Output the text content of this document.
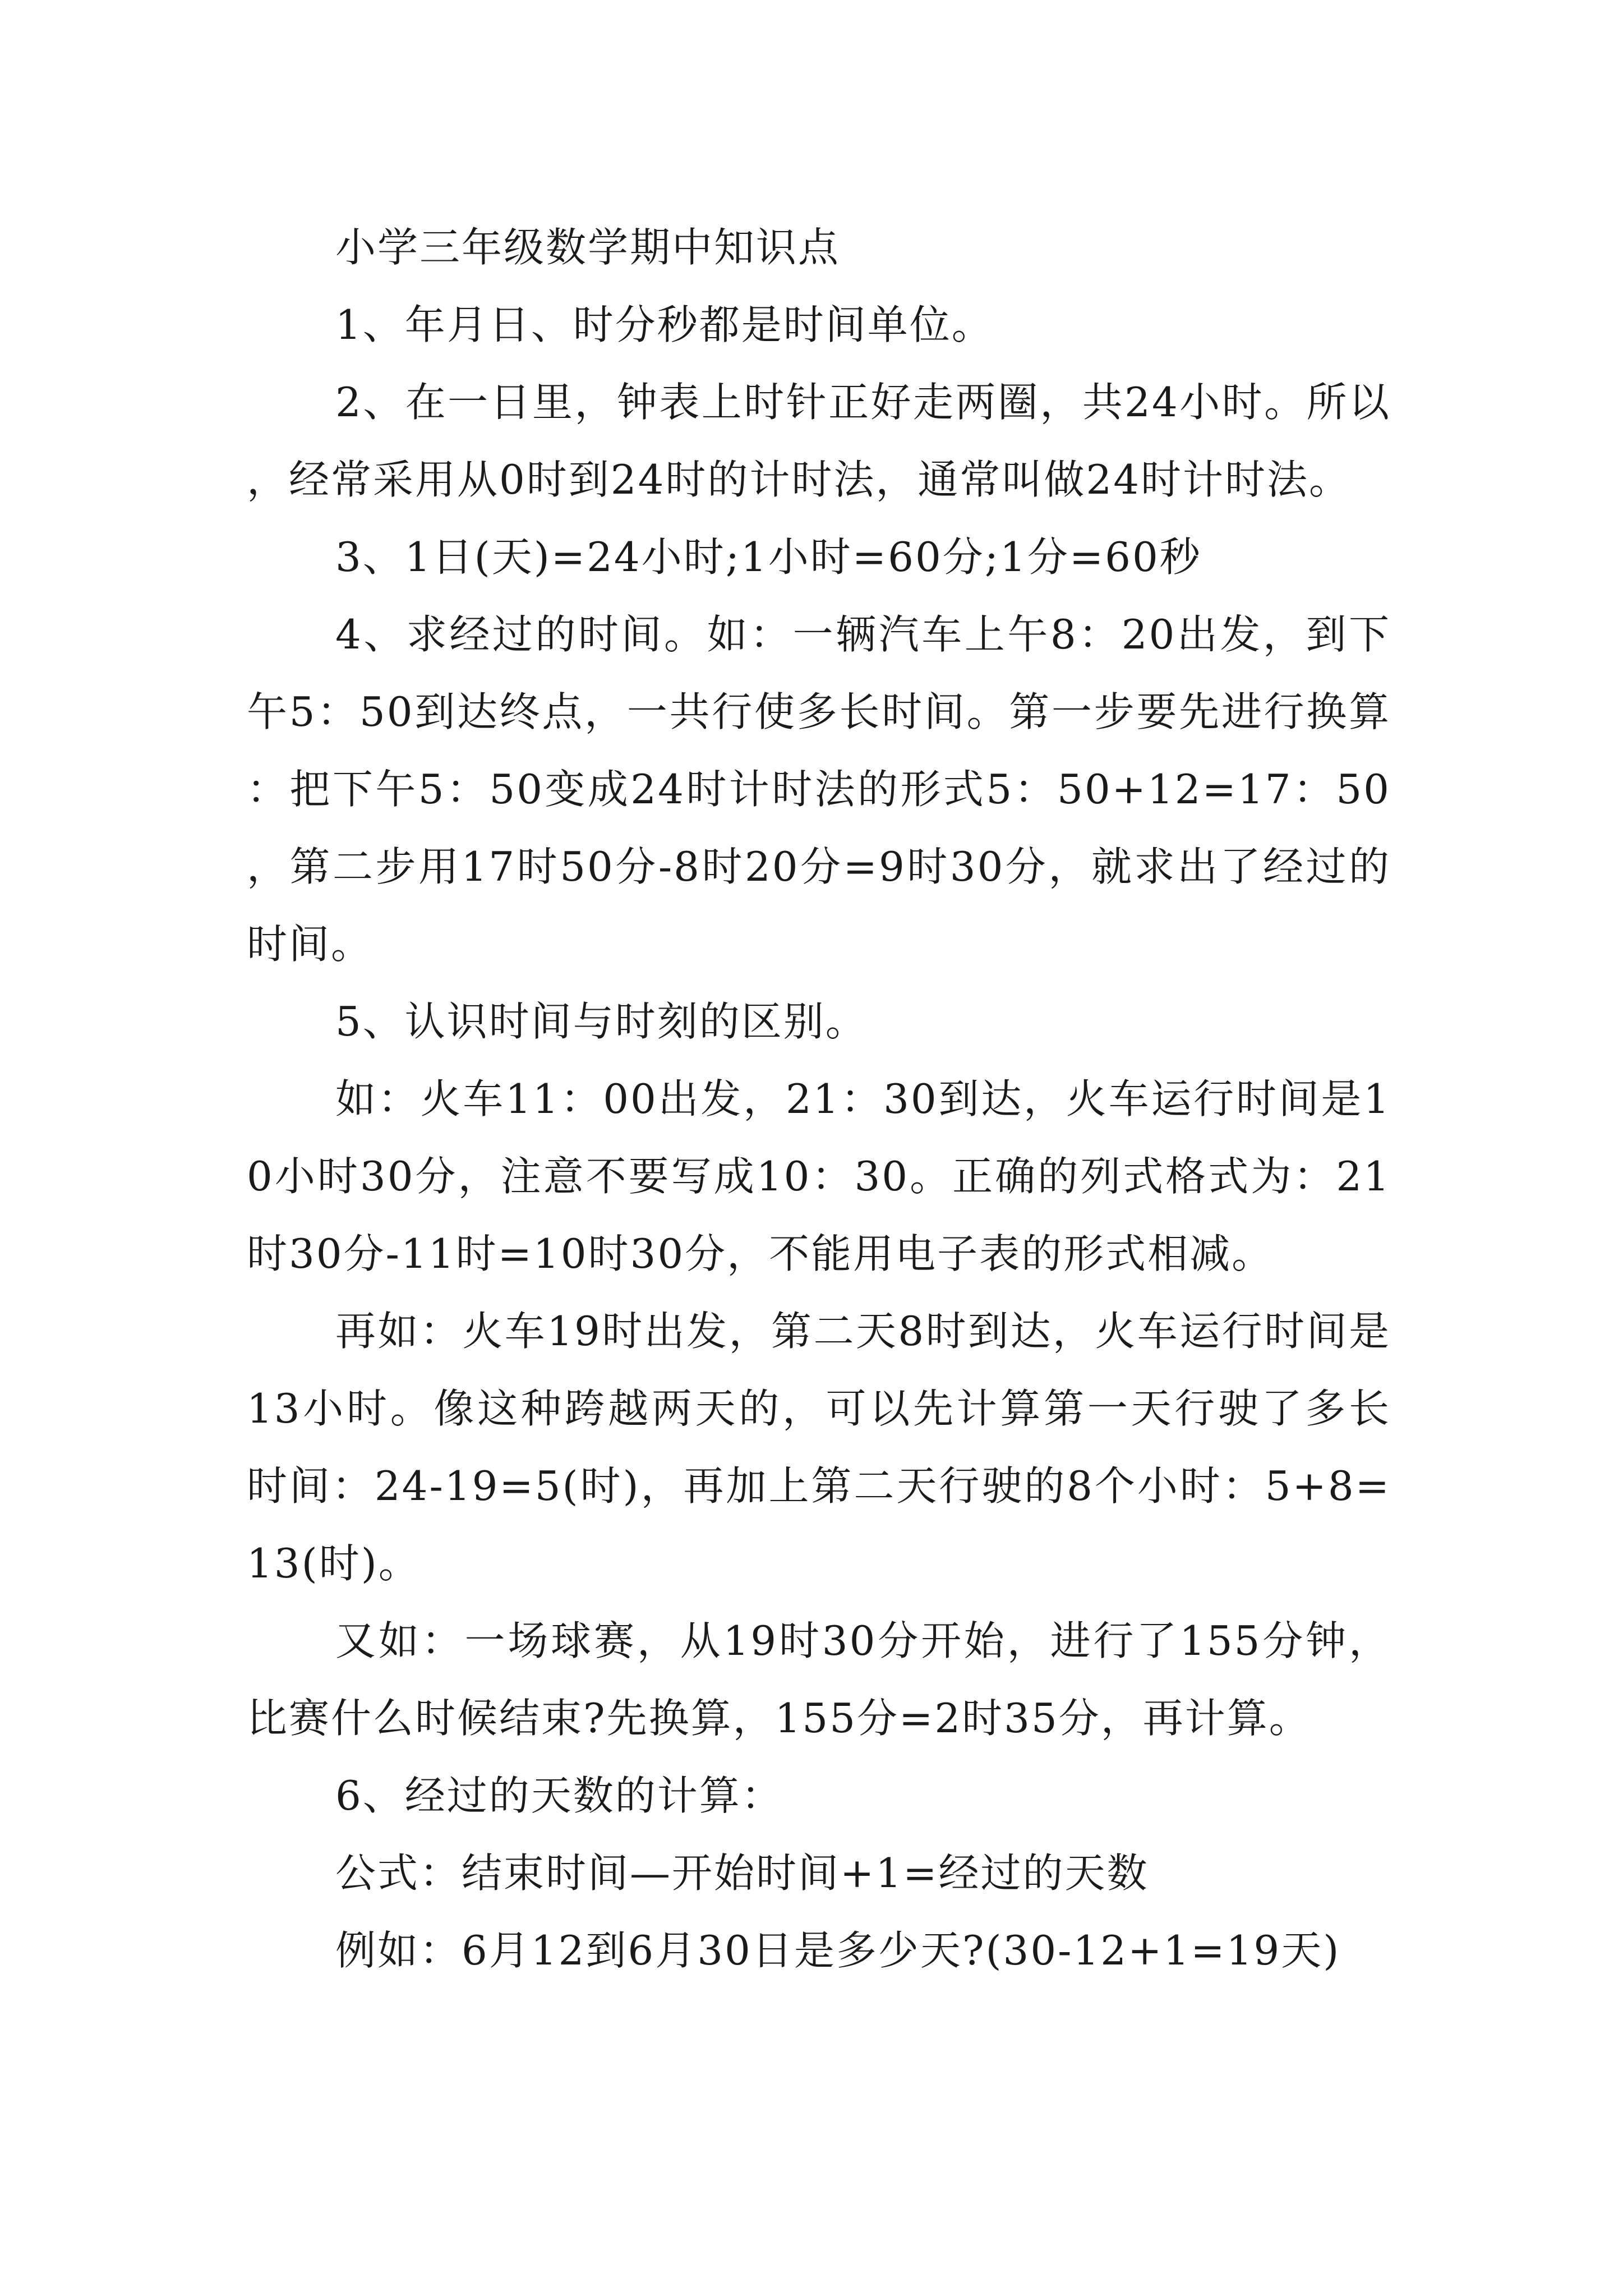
小学三年级数学期中知识点

1、年月日、时分秒都是时间单位。

2、在一日里，钟表上时针正好走两圈，共24小时。所以，经常采用从0时到24时的计时法，通常叫做24时计时法。

3、1日(天)=24小时;1小时=60分;1分=60秒

4、求经过的时间。如：一辆汽车上午8：20出发，到下午5：50到达终点，一共行使多长时间。第一步要先进行换算：把下午5：50变成24时计时法的形式5：50+12=17：50，第二步用17时50分-8时20分=9时30分，就求出了经过的时间。

5、认识时间与时刻的区别。

如：火车11：00出发，21：30到达，火车运行时间是10小时30分，注意不要写成10：30。正确的列式格式为：21时30分-11时=10时30分，不能用电子表的形式相减。

再如：火车19时出发，第二天8时到达，火车运行时间是13小时。像这种跨越两天的，可以先计算第一天行驶了多长时间：24-19=5(时)，再加上第二天行驶的8个小时：5+8=13(时)。

又如：一场球赛，从19时30分开始，进行了155分钟，比赛什么时候结束?先换算，155分=2时35分，再计算。

6、经过的天数的计算：

公式：结束时间—开始时间+1=经过的天数

例如：6月12到6月30日是多少天?(30-12+1=19天)
